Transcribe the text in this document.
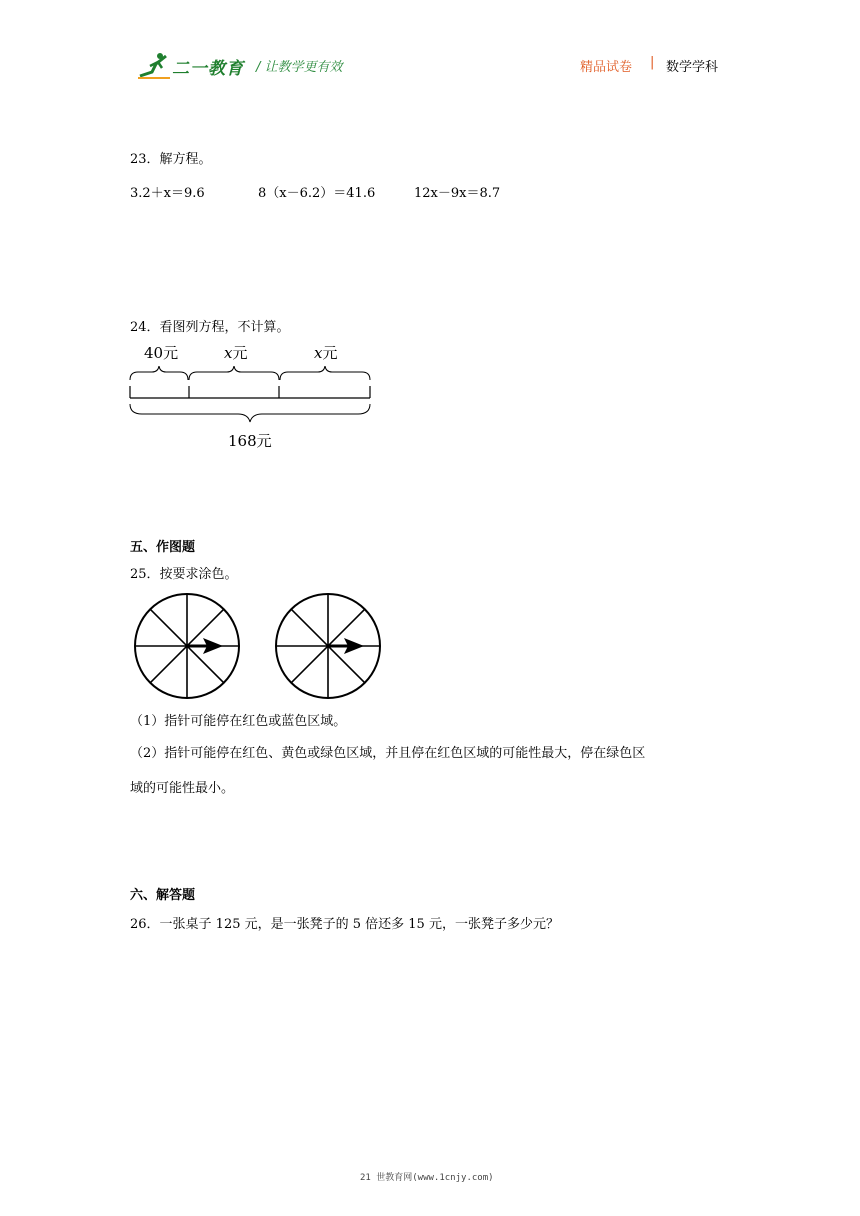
二一教育 / 让教学更有效	精品试卷 | 数学学科
23．解方程。
3.2＋x＝9.6	8（x－6.2）＝41.6	12x－9x＝8.7
24．看图列方程，不计算。
40元	x元	x元
168元
五、作图题
25．按要求涂色。
（1）指针可能停在红色或蓝色区域。
（2）指针可能停在红色、黄色或绿色区域，并且停在红色区域的可能性最大，停在绿色区
域的可能性最小。
六、解答题
26．一张桌子 125 元，是一张凳子的 5 倍还多 15 元，一张凳子多少元？
21 世教育网(www.1cnjy.com)
